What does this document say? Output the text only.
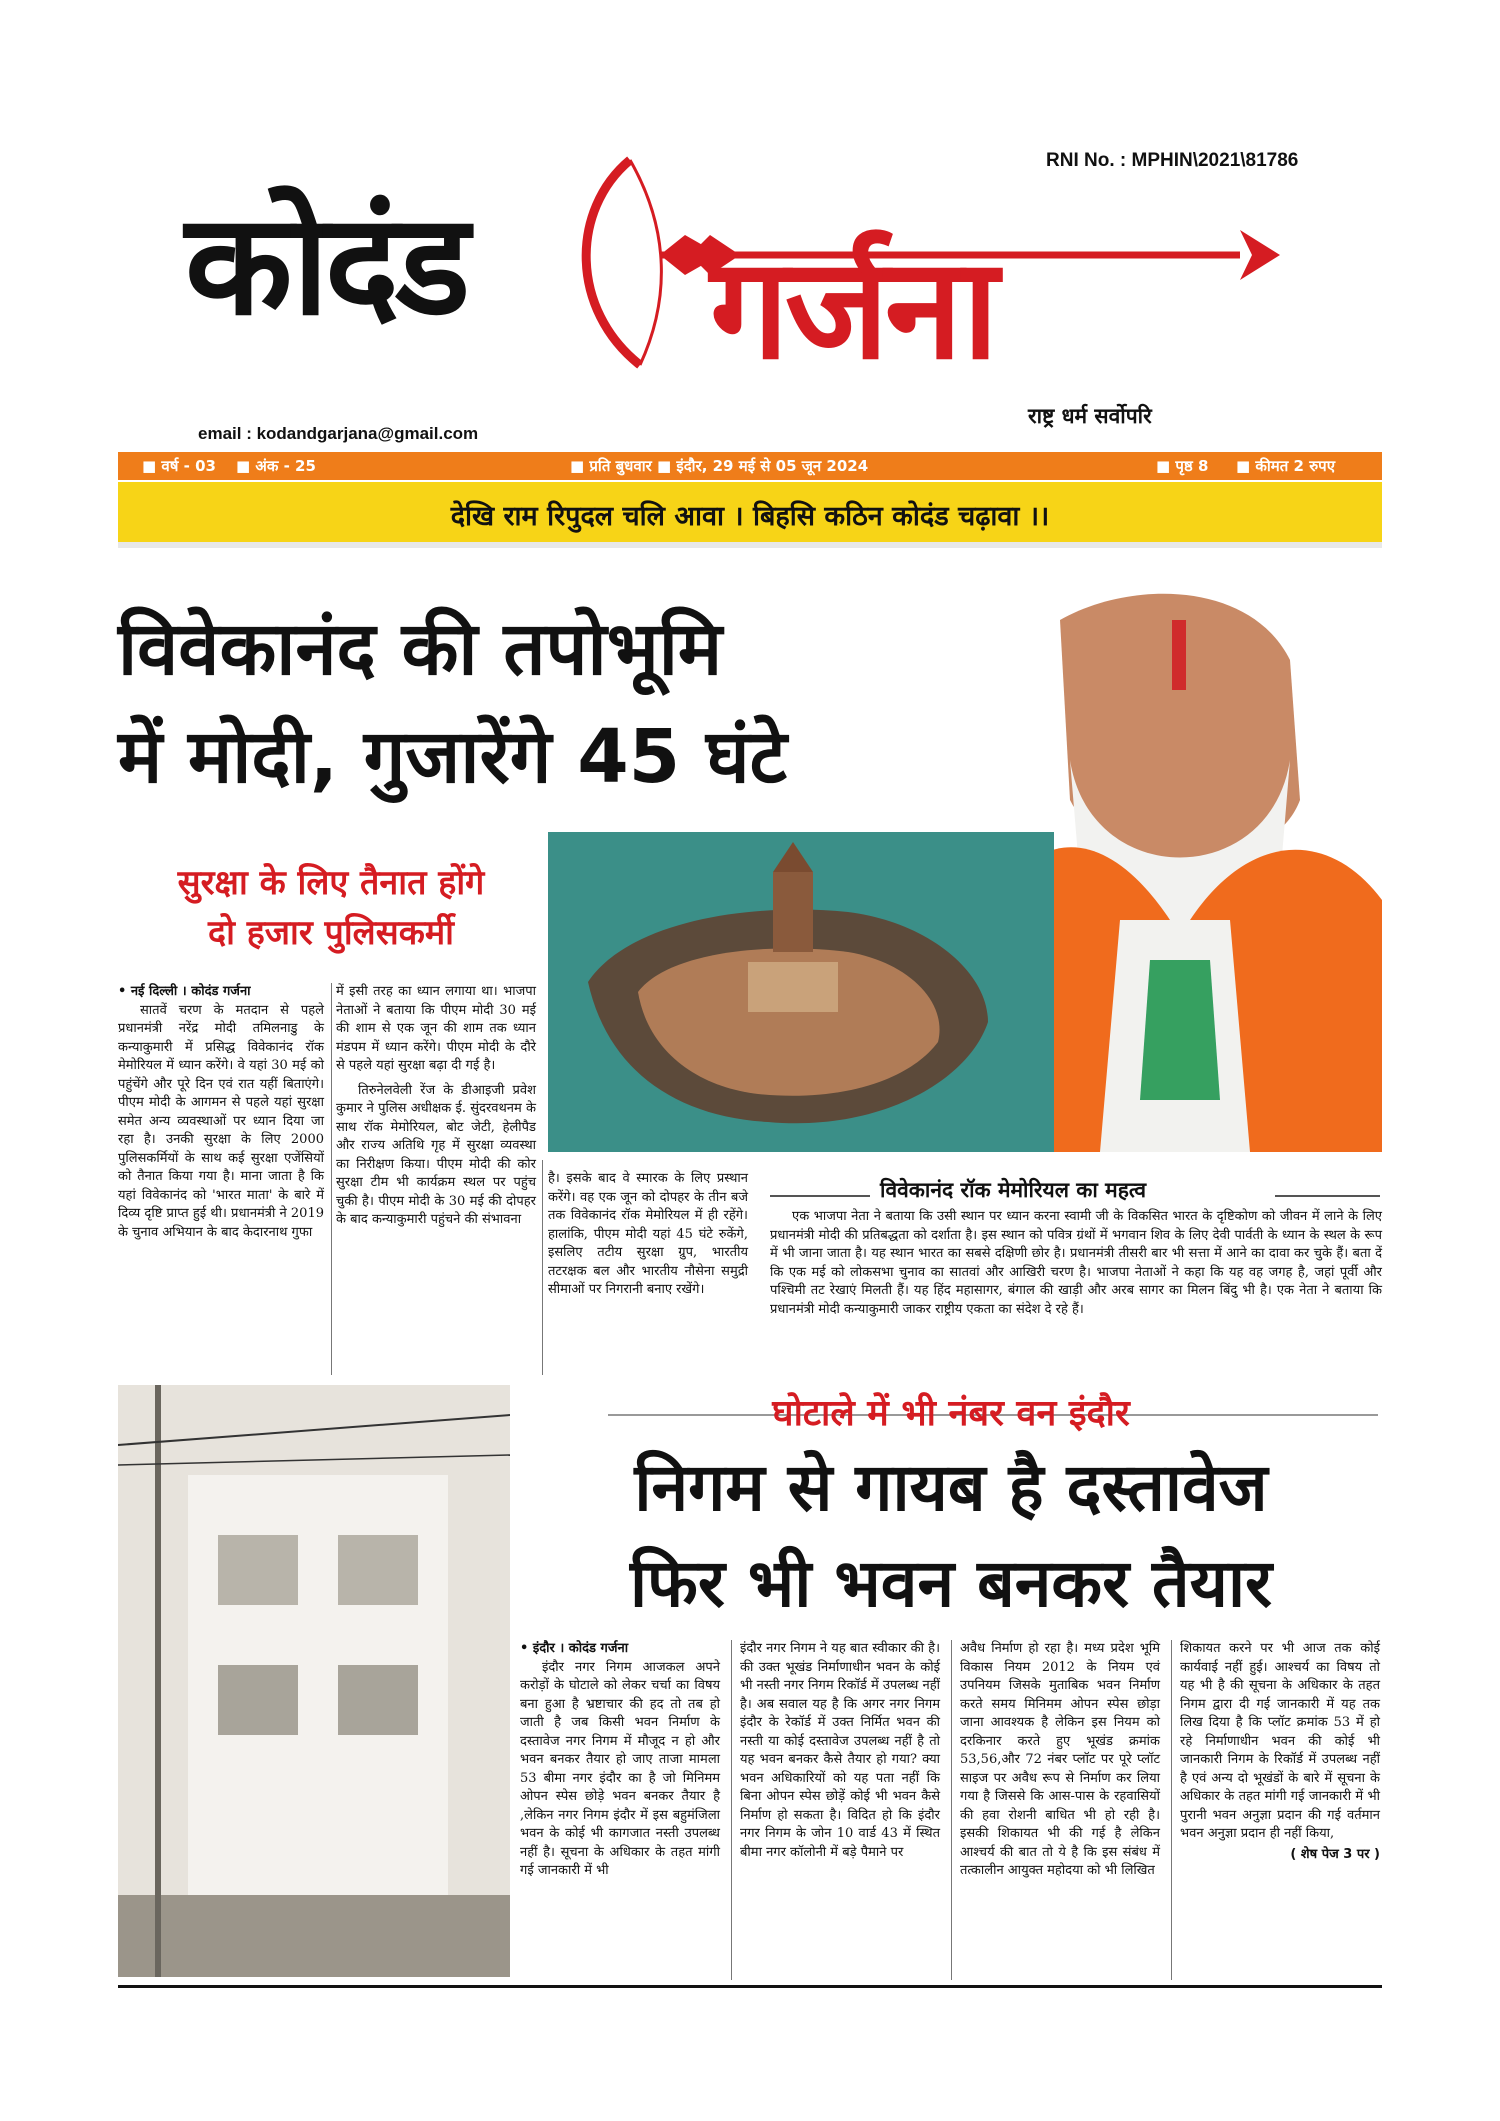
RNI No. : MPHIN\2021\81786
कोदंड गर्जना
राष्ट्र धर्म सर्वोपरि
email : kodandgarjana@gmail.com
■ वर्ष - 03 ■ अंक - 25	■ प्रति बुधवार ■ इंदौर, 29 मई से 05 जून 2024	■ पृष्ठ 8 ■ कीमत 2 रुपए
देखि राम रिपुदल चलि आवा । बिहसि कठिन कोदंड चढ़ावा ।।
विवेकानंद की तपोभूमि
में मोदी, गुजारेंगे 45 घंटे
सुरक्षा के लिए तैनात होंगे
दो हजार पुलिसकर्मी

• नई दिल्ली । कोदंड गर्जना

सातवें चरण के मतदान से पहले प्रधानमंत्री नरेंद्र मोदी तमिलनाडु के कन्याकुमारी में प्रसिद्ध विवेकानंद रॉक मेमोरियल में ध्यान करेंगे। वे यहां 30 मई को पहुंचेंगे और पूरे दिन एवं रात यहीं बिताएंगे। पीएम मोदी के आगमन से पहले यहां सुरक्षा समेत अन्य व्यवस्थाओं पर ध्यान दिया जा रहा है। उनकी सुरक्षा के लिए 2000 पुलिसकर्मियों के साथ कई सुरक्षा एजेंसियों को तैनात किया गया है। माना जाता है कि यहां विवेकानंद को 'भारत माता' के बारे में दिव्य दृष्टि प्राप्त हुई थी। प्रधानमंत्री ने 2019 के चुनाव अभियान के बाद केदारनाथ गुफा

में इसी तरह का ध्यान लगाया था। भाजपा नेताओं ने बताया कि पीएम मोदी 30 मई की शाम से एक जून की शाम तक ध्यान मंडपम में ध्यान करेंगे। पीएम मोदी के दौरे से पहले यहां सुरक्षा बढ़ा दी गई है।

तिरुनेलवेली रेंज के डीआइजी प्रवेश कुमार ने पुलिस अधीक्षक ई. सुंदरवथनम के साथ रॉक मेमोरियल, बोट जेटी, हेलीपैड और राज्य अतिथि गृह में सुरक्षा व्यवस्था का निरीक्षण किया। पीएम मोदी की कोर सुरक्षा टीम भी कार्यक्रम स्थल पर पहुंच चुकी है। पीएम मोदी के 30 मई की दोपहर के बाद कन्याकुमारी पहुंचने की संभावना

है। इसके बाद वे स्मारक के लिए प्रस्थान करेंगे। वह एक जून को दोपहर के तीन बजे तक विवेकानंद रॉक मेमोरियल में ही रहेंगे। हालांकि, पीएम मोदी यहां 45 घंटे रुकेंगे, इसलिए तटीय सुरक्षा ग्रुप, भारतीय तटरक्षक बल और भारतीय नौसेना समुद्री सीमाओं पर निगरानी बनाए रखेंगे।

विवेकानंद रॉक मेमोरियल का महत्व

एक भाजपा नेता ने बताया कि उसी स्थान पर ध्यान करना स्वामी जी के विकसित भारत के दृष्टिकोण को जीवन में लाने के लिए प्रधानमंत्री मोदी की प्रतिबद्धता को दर्शाता है। इस स्थान को पवित्र ग्रंथों में भगवान शिव के लिए देवी पार्वती के ध्यान के स्थल के रूप में भी जाना जाता है। यह स्थान भारत का सबसे दक्षिणी छोर है। प्रधानमंत्री तीसरी बार भी सत्ता में आने का दावा कर चुके हैं। बता दें कि एक मई को लोकसभा चुनाव का सातवां और आखिरी चरण है। भाजपा नेताओं ने कहा कि यह वह जगह है, जहां पूर्वी और पश्चिमी तट रेखाएं मिलती हैं। यह हिंद महासागर, बंगाल की खाड़ी और अरब सागर का मिलन बिंदु भी है। एक नेता ने बताया कि प्रधानमंत्री मोदी कन्याकुमारी जाकर राष्ट्रीय एकता का संदेश दे रहे हैं।

घोटाले में भी नंबर वन इंदौर
निगम से गायब है दस्तावेज
फिर भी भवन बनकर तैयार

• इंदौर । कोदंड गर्जना

इंदौर नगर निगम आजकल अपने करोड़ों के घोटाले को लेकर चर्चा का विषय बना हुआ है भ्रष्टाचार की हद तो तब हो जाती है जब किसी भवन निर्माण के दस्तावेज नगर निगम में मौजूद न हो और भवन बनकर तैयार हो जाए ताजा मामला 53 बीमा नगर इंदौर का है जो मिनिमम ओपन स्पेस छोड़े भवन बनकर तैयार है ,लेकिन नगर निगम इंदौर में इस बहुमंजिला भवन के कोई भी कागजात नस्ती उपलब्ध नहीं है। सूचना के अधिकार के तहत मांगी गई जानकारी में भी

इंदौर नगर निगम ने यह बात स्वीकार की है। की उक्त भूखंड निर्माणाधीन भवन के कोई भी नस्ती नगर निगम रिकॉर्ड में उपलब्ध नहीं है। अब सवाल यह है कि अगर नगर निगम इंदौर के रेकॉर्ड में उक्त निर्मित भवन की नस्ती या कोई दस्तावेज उपलब्ध नहीं है तो यह भवन बनकर कैसे तैयार हो गया? क्या भवन अधिकारियों को यह पता नहीं कि बिना ओपन स्पेस छोड़ें कोई भी भवन कैसे निर्माण हो सकता है। विदित हो कि इंदौर नगर निगम के जोन 10 वार्ड 43 में स्थित बीमा नगर कॉलोनी में बड़े पैमाने पर

अवैध निर्माण हो रहा है। मध्य प्रदेश भूमि विकास नियम 2012 के नियम एवं उपनियम जिसके मुताबिक भवन निर्माण करते समय मिनिमम ओपन स्पेस छोड़ा जाना आवश्यक है लेकिन इस नियम को दरकिनार करते हुए भूखंड क्रमांक 53,56,और 72 नंबर प्लॉट पर पूरे प्लॉट साइज पर अवैध रूप से निर्माण कर लिया गया है जिससे कि आस-पास के रहवासियों की हवा रोशनी बाधित भी हो रही है। इसकी शिकायत भी की गई है लेकिन आश्चर्य की बात तो ये है कि इस संबंध में तत्कालीन आयुक्त महोदया को भी लिखित

शिकायत करने पर भी आज तक कोई कार्यवाई नहीं हुई। आश्चर्य का विषय तो यह भी है की सूचना के अधिकार के तहत निगम द्वारा दी गई जानकारी में यह तक लिख दिया है कि प्लॉट क्रमांक 53 में हो रहे निर्माणाधीन भवन की कोई भी जानकारी निगम के रिकॉर्ड में उपलब्ध नहीं है एवं अन्य दो भूखंडों के बारे में सूचना के अधिकार के तहत मांगी गई जानकारी में भी पुरानी भवन अनुज्ञा प्रदान की गई वर्तमान भवन अनुज्ञा प्रदान ही नहीं किया,

( शेष पेज 3 पर )
